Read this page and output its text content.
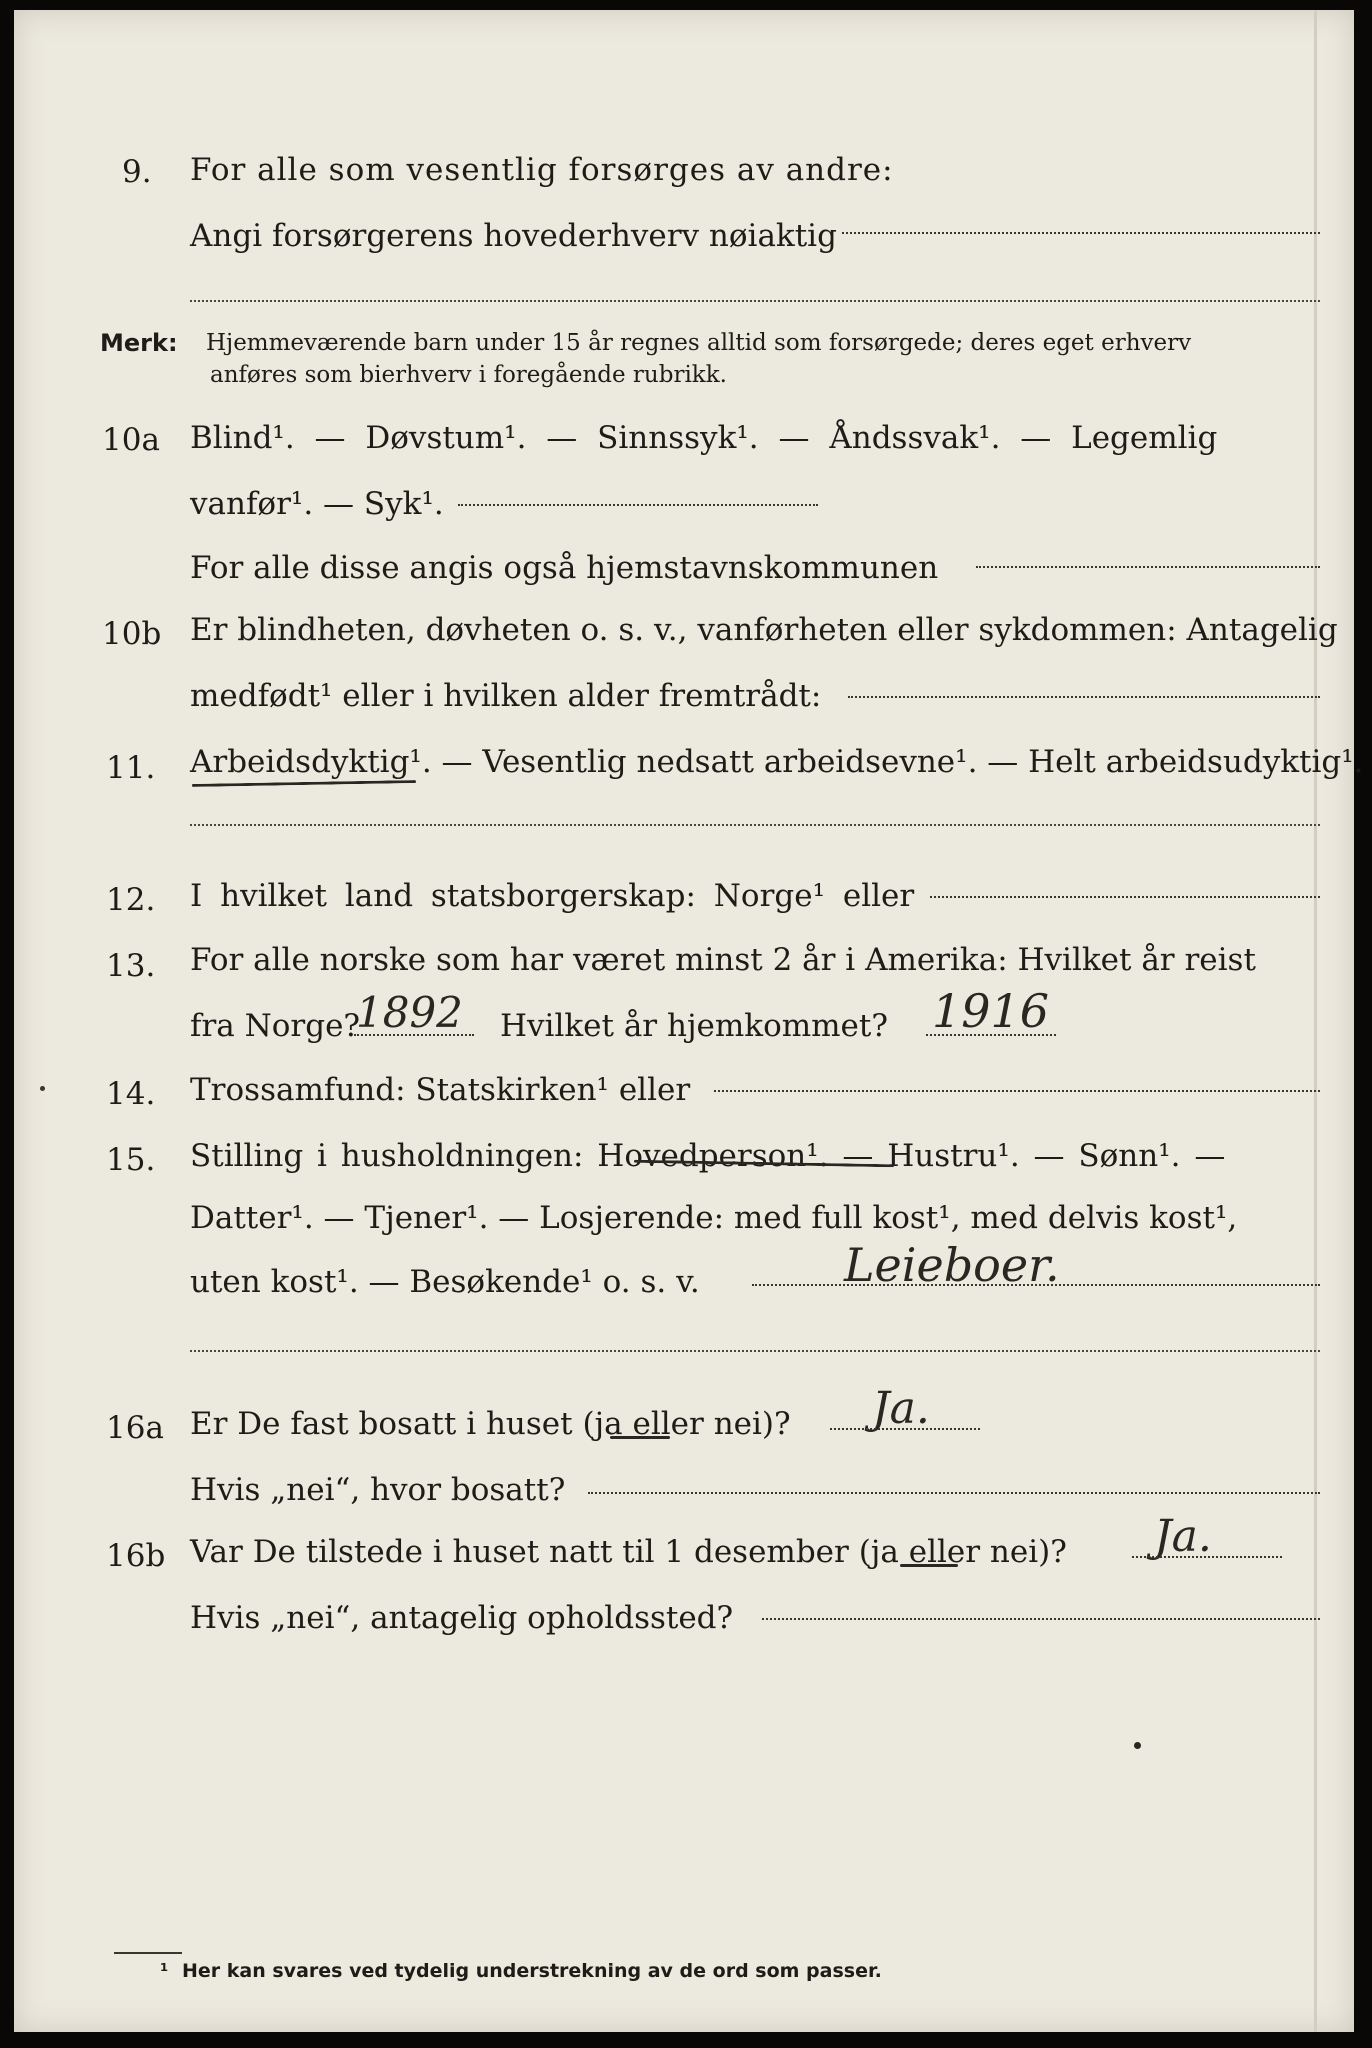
9. For alle som vesentlig forsørges av andre:
Angi forsørgerens hovederhverv nøiaktig
Merk: Hjemmeværende barn under 15 år regnes alltid som forsørgede; deres eget erhverv
anføres som bierhverv i foregående rubrikk.
10a Blind¹. — Døvstum¹. — Sinnssyk¹. — Åndssvak¹. — Legemlig
vanfør¹. — Syk¹.
For alle disse angis også hjemstavnskommunen
10b Er blindheten, døvheten o. s. v., vanførheten eller sykdommen: Antagelig
medfødt¹ eller i hvilken alder fremtrådt:
11. Arbeidsdyktig¹. — Vesentlig nedsatt arbeidsevne¹. — Helt arbeidsudyktig¹.
12. I hvilket land statsborgerskap: Norge¹ eller
13. For alle norske som har været minst 2 år i Amerika: Hvilket år reist
fra Norge?
1892 Hvilket år hjemkommet? 1916
14. Trossamfund: Statskirken¹ eller
15. Stilling i husholdningen: Hovedperson¹. — Hustru¹. — Sønn¹. —
Datter¹. — Tjener¹. — Losjerende: med full kost¹, med delvis kost¹,
uten kost¹. — Besøkende¹ o. s. v.	Leieboer.
16a Er De fast bosatt i huset (ja eller nei)? Ja.
Hvis „nei“, hvor bosatt?
16b Var De tilstede i huset natt til 1 desember (ja eller nei)? Ja.
Hvis „nei“, antagelig opholdssted?
¹ Her kan svares ved tydelig understrekning av de ord som passer.
